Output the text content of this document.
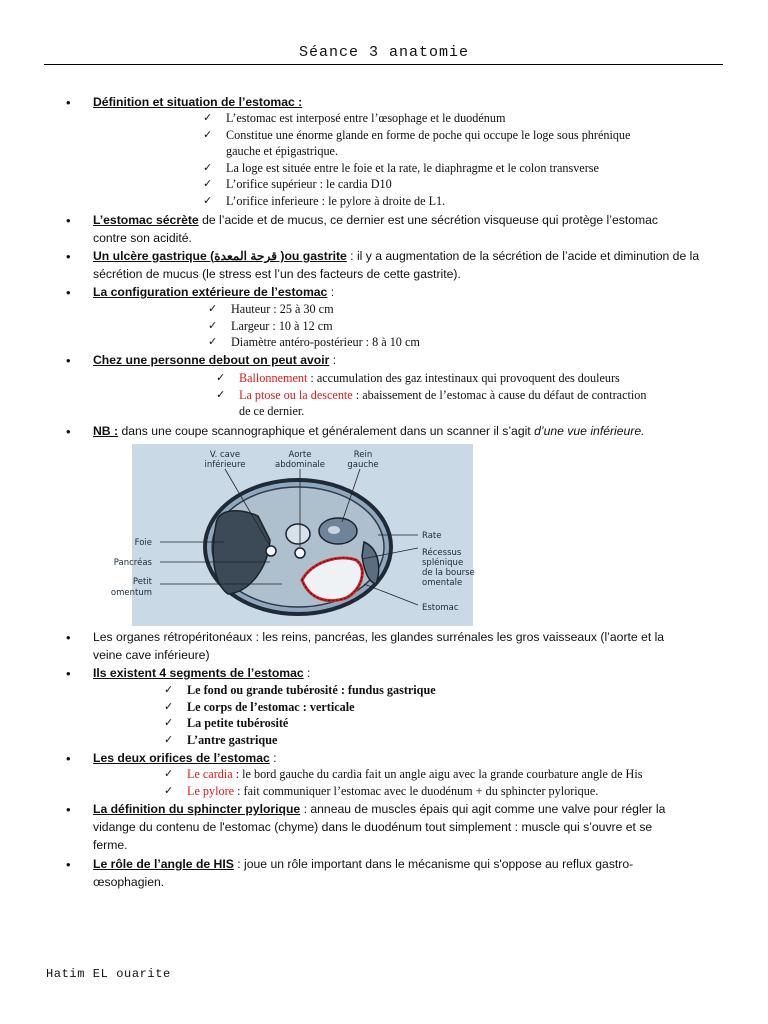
Séance 3 anatomie
• Définition et situation de l’estomac :
✓ L’estomac est interposé entre l’œsophage et le duodénum
✓ Constitue une énorme glande en forme de poche qui occupe le loge sous phrénique
gauche et épigastrique.
✓ La loge est située entre le foie et la rate, le diaphragme et le colon transverse
✓ L’orifice supérieur : le cardia D10
✓ L’orifice inferieure : le pylore à droite de L1.
• L’estomac sécrète de l’acide et de mucus, ce dernier est une sécrétion visqueuse qui protège l’estomac
contre son acidité.
• Un ulcère gastrique (قرحة المعدة )ou gastrite : il y a augmentation de la sécrétion de l’acide et diminution de la
sécrétion de mucus (le stress est l’un des facteurs de cette gastrite).
• La configuration extérieure de l’estomac :
✓ Hauteur : 25 à 30 cm
✓ Largeur : 10 à 12 cm
✓ Diamètre antéro-postérieur : 8 à 10 cm
• Chez une personne debout on peut avoir :
✓ Ballonnement : accumulation des gaz intestinaux qui provoquent des douleurs
✓ La ptose ou la descente : abaissement de l’estomac à cause du défaut de contraction
de ce dernier.
• NB : dans une coupe scannographique et généralement dans un scanner il s’agit d’une vue inférieure.
V. cave
inférieure
Aorte
abdominale
Rein
gauche
Foie
Pancréas
Petit
omentum
Rate
Récessus
splénique
de la bourse
omentale
Estomac
• Les organes rétropéritonéaux : les reins, pancréas, les glandes surrénales les gros vaisseaux (l’aorte et la
veine cave inférieure)
• Ils existent 4 segments de l’estomac :
✓ Le fond ou grande tubérosité : fundus gastrique
✓ Le corps de l’estomac : verticale
✓ La petite tubérosité
✓ L’antre gastrique
• Les deux orifices de l’estomac :
✓ Le cardia : le bord gauche du cardia fait un angle aigu avec la grande courbature angle de His
✓ Le pylore : fait communiquer l’estomac avec le duodénum + du sphincter pylorique.
• La définition du sphincter pylorique : anneau de muscles épais qui agit comme une valve pour régler la
vidange du contenu de l'estomac (chyme) dans le duodénum tout simplement : muscle qui s’ouvre et se
ferme.
• Le rôle de l’angle de HIS : joue un rôle important dans le mécanisme qui s'oppose au reflux gastro-
œsophagien.
Hatim EL ouarite
